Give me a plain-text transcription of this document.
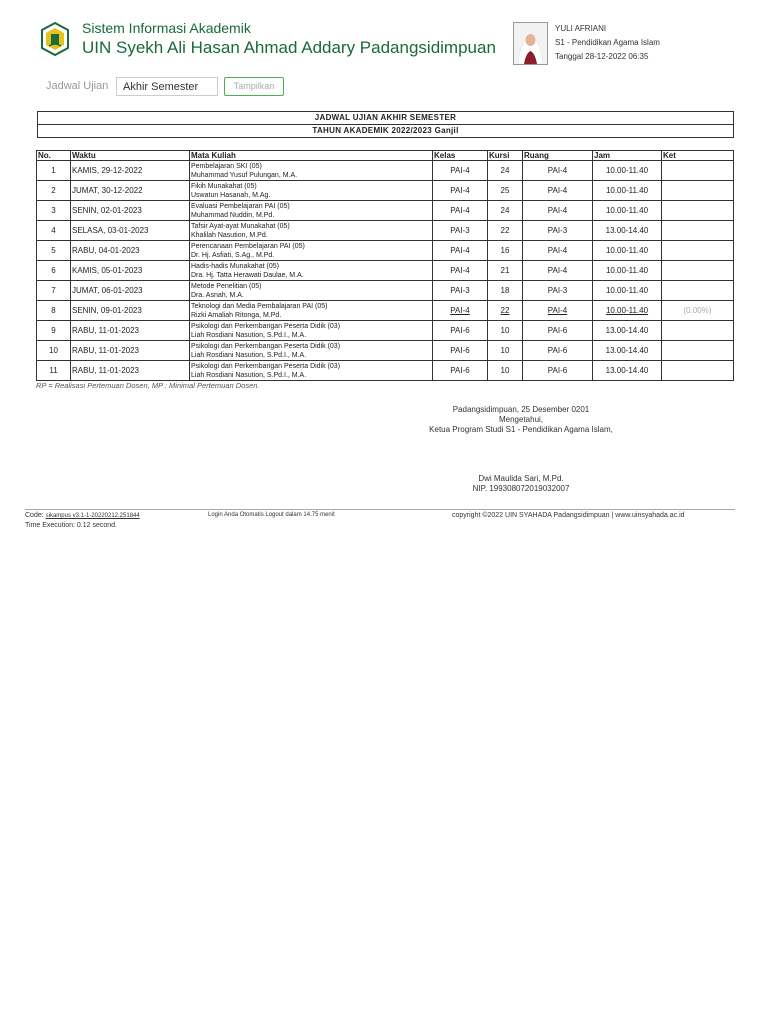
Sistem Informasi Akademik
UIN Syekh Ali Hasan Ahmad Addary Padangsidimpuan
YULI AFRIANI
S1 - Pendidikan Agama Islam
Tanggal 28-12-2022 06:35
Jadwal Ujian	Akhir Semester	Tampilkan
JADWAL UJIAN AKHIR SEMESTER
TAHUN AKADEMIK 2022/2023 Ganjil
No.	Waktu	Mata Kuliah	Kelas	Kursi	Ruang	Jam	Ket
1	KAMIS, 29-12-2022	Pembelajaran SKI (05)
Muhammad Yusuf Pulungan, M.A.	PAI-4	24	PAI-4	10.00-11.40	
2	JUMAT, 30-12-2022	Fikih Munakahat (05)
Uswatun Hasanah, M.Ag.	PAI-4	25	PAI-4	10.00-11.40	
3	SENIN, 02-01-2023	Evaluasi Pembelajaran PAI (05)
Muhammad Nuddin, M.Pd.	PAI-4	24	PAI-4	10.00-11.40	
4	SELASA, 03-01-2023	Tafsir Ayat-ayat Munakahat (05)
Khalilah Nasution, M.Pd.	PAI-3	22	PAI-3	13.00-14.40	
5	RABU, 04-01-2023	Perencanaan Pembelajaran PAI (05)
Dr. Hj. Asfiati, S.Ag., M.Pd.	PAI-4	16	PAI-4	10.00-11.40	
6	KAMIS, 05-01-2023	Hadis-hadis Munakahat (05)
Dra. Hj. Tatta Herawati Daulae, M.A.	PAI-4	21	PAI-4	10.00-11.40	
7	JUMAT, 06-01-2023	Metode Penelitian (05)
Dra. Asnah, M.A.	PAI-3	18	PAI-3	10.00-11.40	
8	SENIN, 09-01-2023	Teknologi dan Media Pembalajaran PAI (05)
Rizki Amaliah Ritonga, M.Pd.	PAI-4	22	PAI-4	10.00-11.40	(0.00%)
9	RABU, 11-01-2023	Psikologi dan Perkembangan Peserta Didik (03)
Liah Rosdiani Nasution, S.Pd.I., M.A.	PAI-6	10	PAI-6	13.00-14.40	
10	RABU, 11-01-2023	Psikologi dan Perkembangan Peserta Didik (03)
Liah Rosdiani Nasution, S.Pd.I., M.A.	PAI-6	10	PAI-6	13.00-14.40	
11	RABU, 11-01-2023	Psikologi dan Perkembangan Peserta Didik (03)
Liah Rosdiani Nasution, S.Pd.I., M.A.	PAI-6	10	PAI-6	13.00-14.40	
RP = Realisasi Pertemuan Dosen, MP : Minimal Pertemuan Dosen.
Padangsidimpuan, 25 Desember 0201
Mengetahui,
Ketua Program Studi S1 - Pendidikan Agama Islam,
Dwi Maulida Sari, M.Pd.
NIP. 199308072019032007
Code: sikampus v3.1-1-20220212.251844	Login Anda Otomatis Logout dalam 14.75 menit	copyright ©2022 UIN SYAHADA Padangsidimpuan | www.uinsyahada.ac.id
Time Execution: 0.12 second.
